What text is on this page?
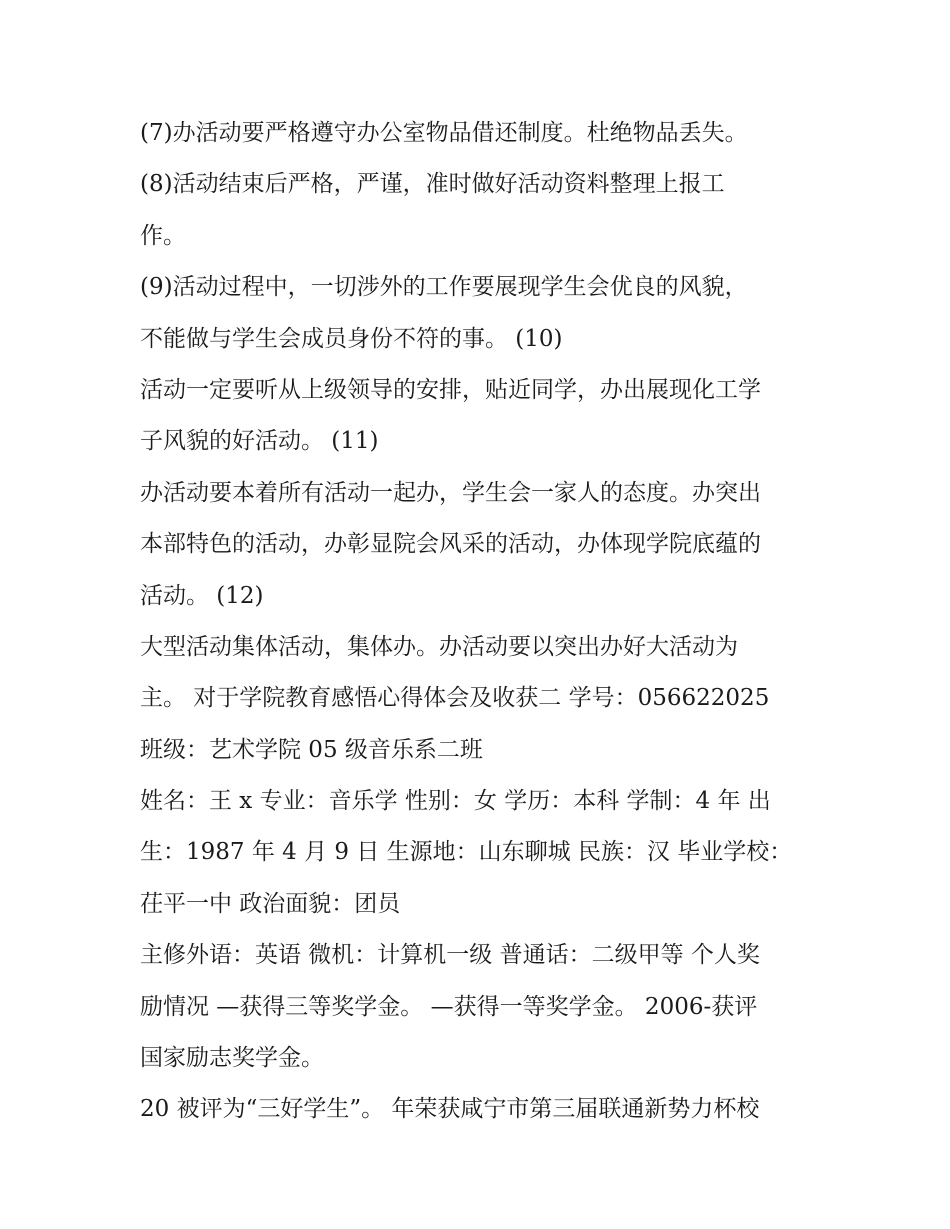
(7)办活动要严格遵守办公室物品借还制度。杜绝物品丢失。
(8)活动结束后严格，严谨，准时做好活动资料整理上报工
作。
(9)活动过程中，一切涉外的工作要展现学生会优良的风貌，
不能做与学生会成员身份不符的事。 (10)
活动一定要听从上级领导的安排，贴近同学，办出展现化工学
子风貌的好活动。 (11)
办活动要本着所有活动一起办，学生会一家人的态度。办突出
本部特色的活动，办彰显院会风采的活动，办体现学院底蕴的
活动。 (12)
大型活动集体活动，集体办。办活动要以突出办好大活动为
主。 对于学院教育感悟心得体会及收获二 学号：056622025
班级：艺术学院 05 级音乐系二班
姓名：王 x 专业：音乐学 性别：女 学历：本科 学制：4 年 出
生：1987 年 4 月 9 日 生源地：山东聊城 民族：汉 毕业学校：
茌平一中 政治面貌：团员
主修外语：英语 微机：计算机一级 普通话：二级甲等 个人奖
励情况 —获得三等奖学金。 —获得一等奖学金。 2006-获评
国家励志奖学金。
20 被评为“三好学生”。 年荣获咸宁市第三届联通新势力杯校
